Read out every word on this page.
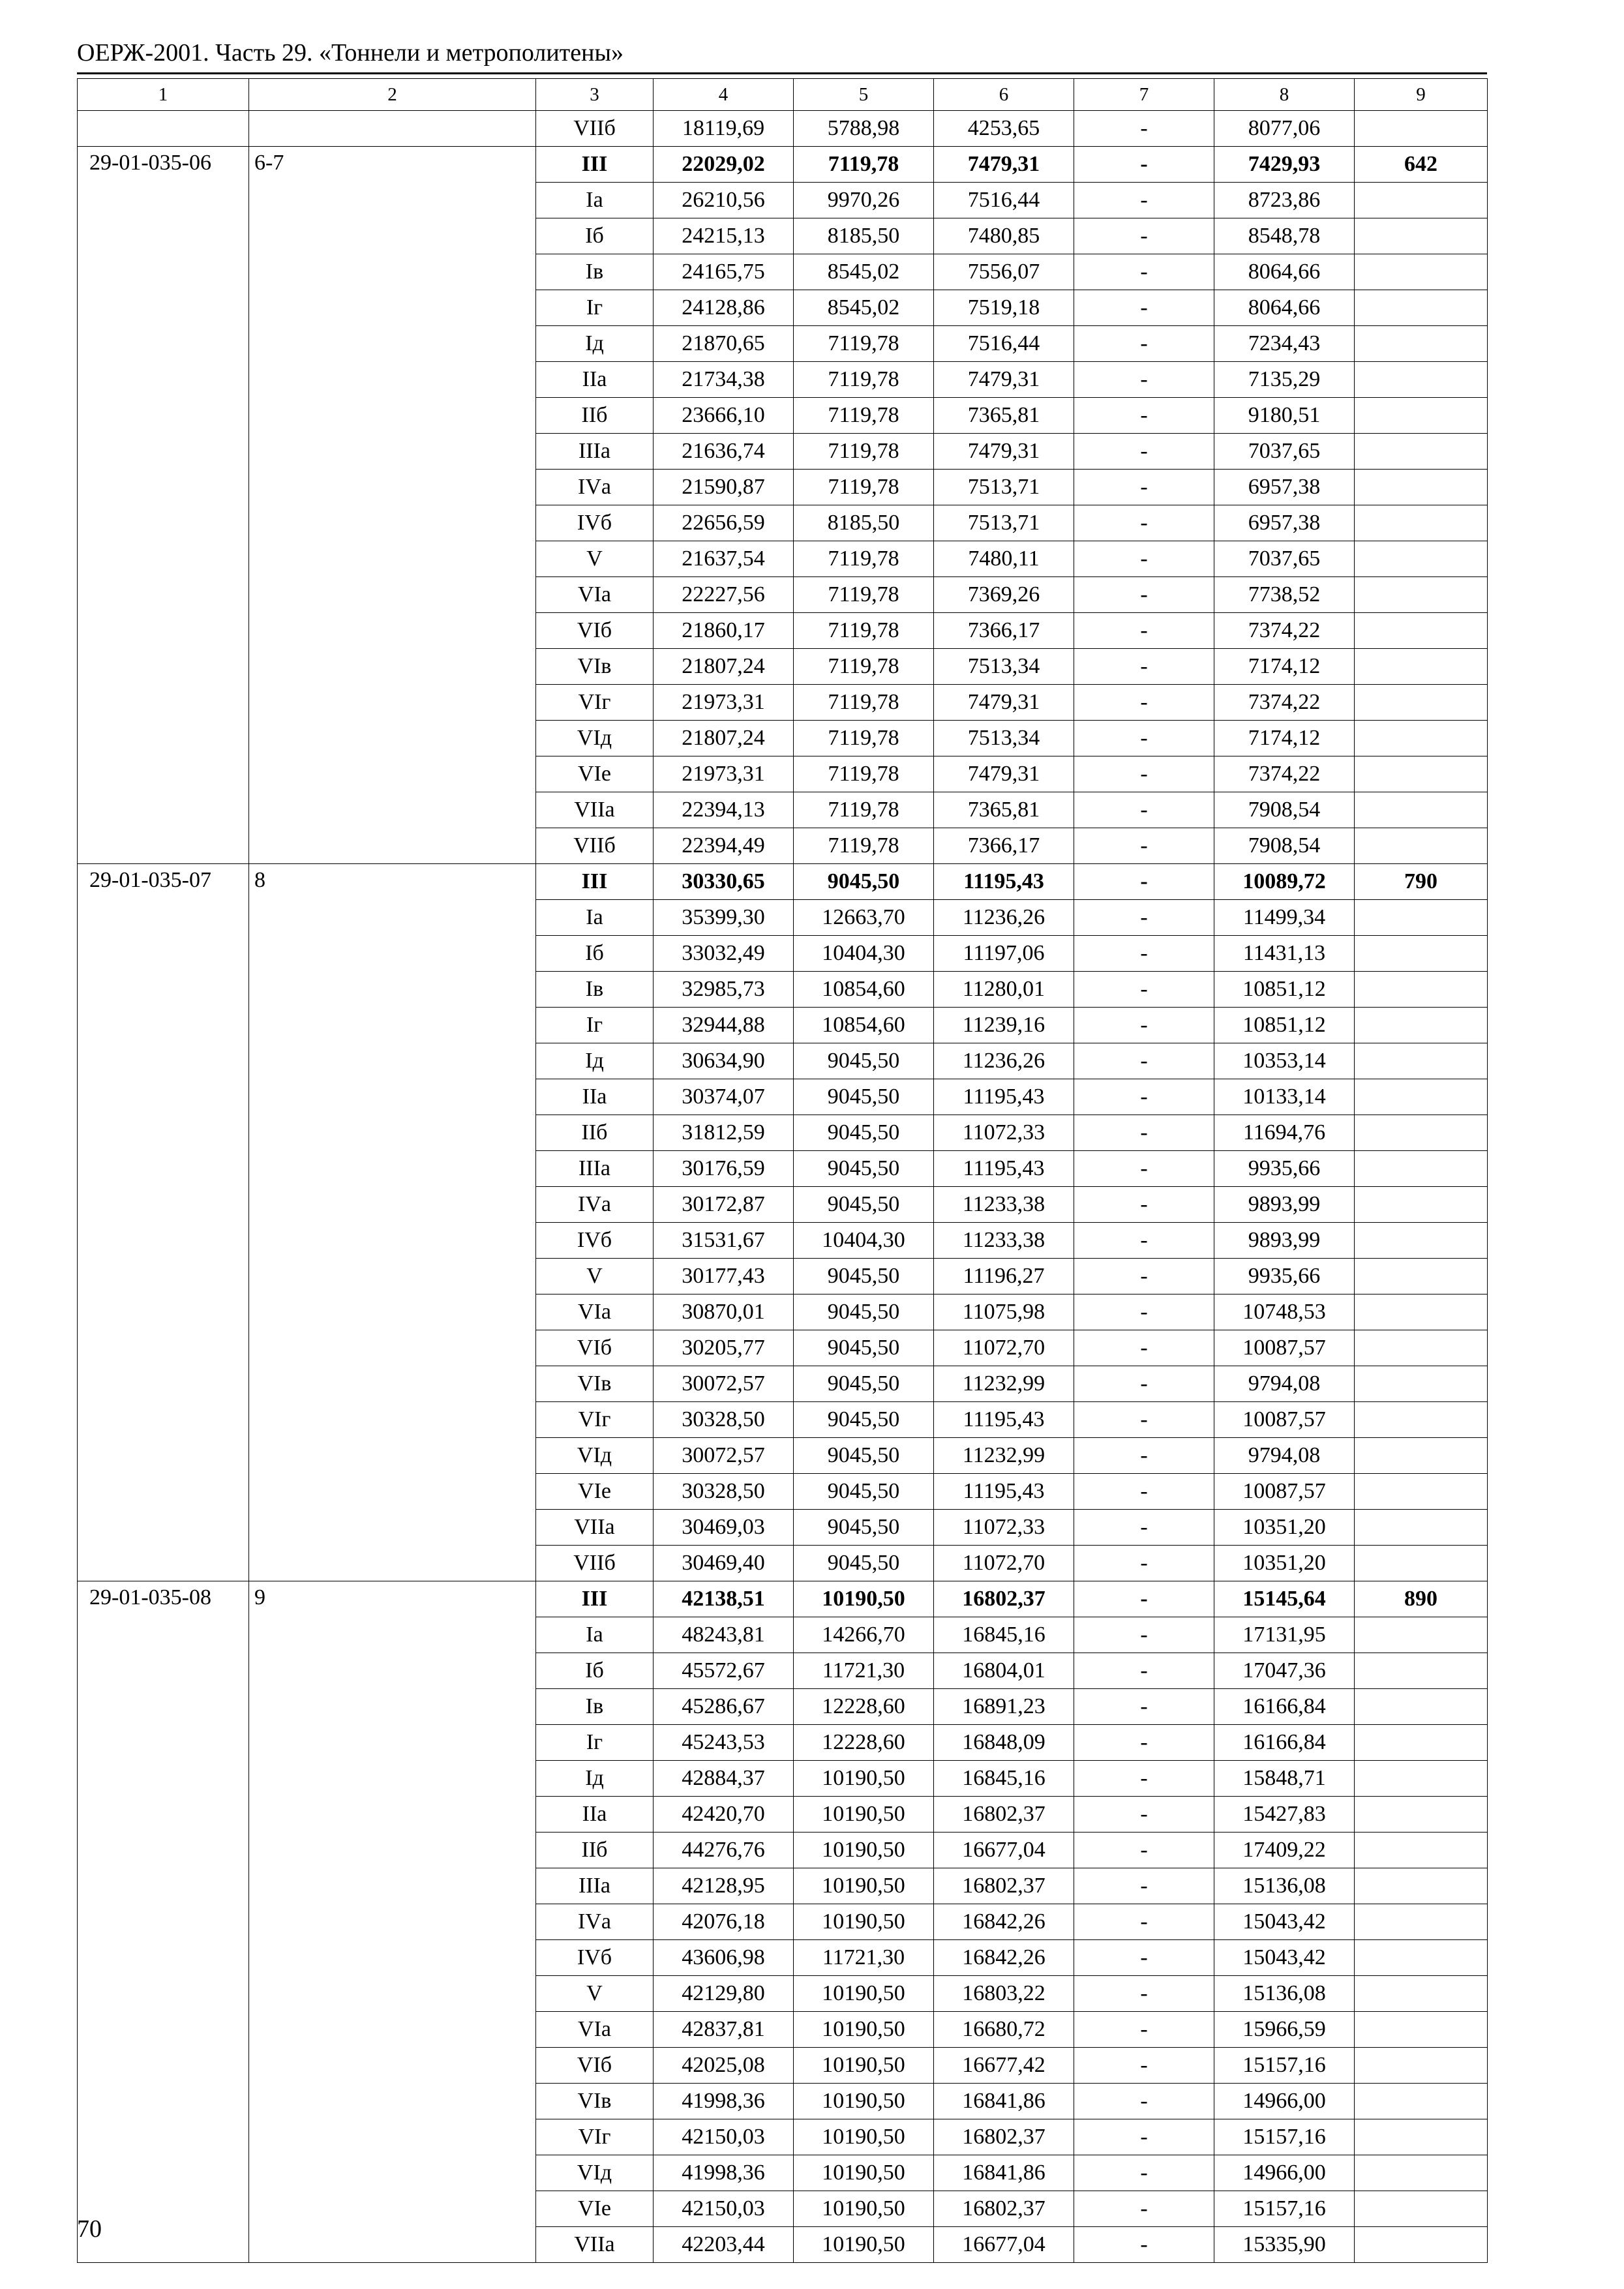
ОЕРЖ-2001. Часть 29. «Тоннели и метрополитены»
1	2	3	4	5	6	7	8	9
		VIIб	18119,69	5788,98	4253,65	-	8077,06	
29-01-035-06	6-7	III	22029,02	7119,78	7479,31	-	7429,93	642
		Iа	26210,56	9970,26	7516,44	-	8723,86	
		Iб	24215,13	8185,50	7480,85	-	8548,78	
		Iв	24165,75	8545,02	7556,07	-	8064,66	
		Iг	24128,86	8545,02	7519,18	-	8064,66	
		Iд	21870,65	7119,78	7516,44	-	7234,43	
		IIа	21734,38	7119,78	7479,31	-	7135,29	
		IIб	23666,10	7119,78	7365,81	-	9180,51	
		IIIа	21636,74	7119,78	7479,31	-	7037,65	
		IVа	21590,87	7119,78	7513,71	-	6957,38	
		IVб	22656,59	8185,50	7513,71	-	6957,38	
		V	21637,54	7119,78	7480,11	-	7037,65	
		VIа	22227,56	7119,78	7369,26	-	7738,52	
		VIб	21860,17	7119,78	7366,17	-	7374,22	
		VIв	21807,24	7119,78	7513,34	-	7174,12	
		VIг	21973,31	7119,78	7479,31	-	7374,22	
		VIд	21807,24	7119,78	7513,34	-	7174,12	
		VIе	21973,31	7119,78	7479,31	-	7374,22	
		VIIа	22394,13	7119,78	7365,81	-	7908,54	
		VIIб	22394,49	7119,78	7366,17	-	7908,54	
29-01-035-07	8	III	30330,65	9045,50	11195,43	-	10089,72	790
		Iа	35399,30	12663,70	11236,26	-	11499,34	
		Iб	33032,49	10404,30	11197,06	-	11431,13	
		Iв	32985,73	10854,60	11280,01	-	10851,12	
		Iг	32944,88	10854,60	11239,16	-	10851,12	
		Iд	30634,90	9045,50	11236,26	-	10353,14	
		IIа	30374,07	9045,50	11195,43	-	10133,14	
		IIб	31812,59	9045,50	11072,33	-	11694,76	
		IIIа	30176,59	9045,50	11195,43	-	9935,66	
		IVа	30172,87	9045,50	11233,38	-	9893,99	
		IVб	31531,67	10404,30	11233,38	-	9893,99	
		V	30177,43	9045,50	11196,27	-	9935,66	
		VIа	30870,01	9045,50	11075,98	-	10748,53	
		VIб	30205,77	9045,50	11072,70	-	10087,57	
		VIв	30072,57	9045,50	11232,99	-	9794,08	
		VIг	30328,50	9045,50	11195,43	-	10087,57	
		VIд	30072,57	9045,50	11232,99	-	9794,08	
		VIе	30328,50	9045,50	11195,43	-	10087,57	
		VIIа	30469,03	9045,50	11072,33	-	10351,20	
		VIIб	30469,40	9045,50	11072,70	-	10351,20	
29-01-035-08	9	III	42138,51	10190,50	16802,37	-	15145,64	890
		Iа	48243,81	14266,70	16845,16	-	17131,95	
		Iб	45572,67	11721,30	16804,01	-	17047,36	
		Iв	45286,67	12228,60	16891,23	-	16166,84	
		Iг	45243,53	12228,60	16848,09	-	16166,84	
		Iд	42884,37	10190,50	16845,16	-	15848,71	
		IIа	42420,70	10190,50	16802,37	-	15427,83	
		IIб	44276,76	10190,50	16677,04	-	17409,22	
		IIIа	42128,95	10190,50	16802,37	-	15136,08	
		IVа	42076,18	10190,50	16842,26	-	15043,42	
		IVб	43606,98	11721,30	16842,26	-	15043,42	
		V	42129,80	10190,50	16803,22	-	15136,08	
		VIа	42837,81	10190,50	16680,72	-	15966,59	
		VIб	42025,08	10190,50	16677,42	-	15157,16	
		VIв	41998,36	10190,50	16841,86	-	14966,00	
		VIг	42150,03	10190,50	16802,37	-	15157,16	
		VIд	41998,36	10190,50	16841,86	-	14966,00	
		VIе	42150,03	10190,50	16802,37	-	15157,16	
		VIIа	42203,44	10190,50	16677,04	-	15335,90	
70
